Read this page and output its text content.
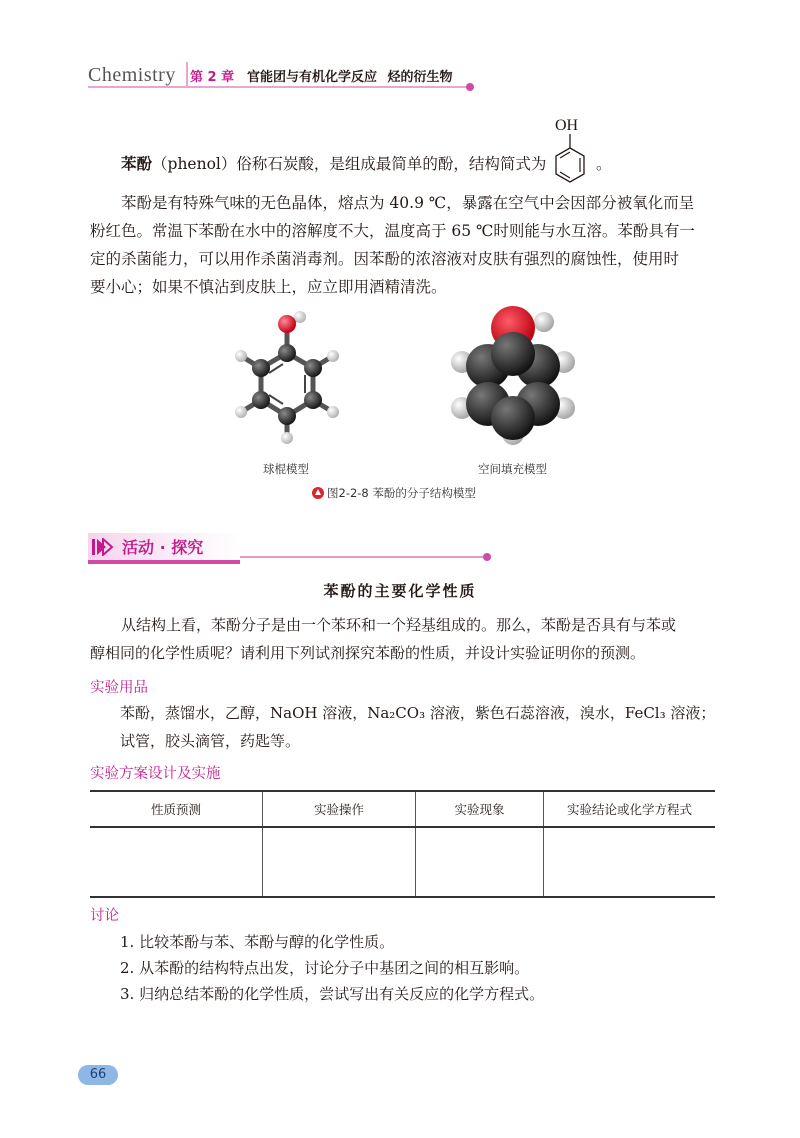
Chemistry 第 2 章 官能团与有机化学反应 烃的衍生物
OH
苯酚（phenol）俗称石炭酸，是组成最简单的酚，结构简式为	。
苯酚是有特殊气味的无色晶体，熔点为 40.9 ℃，暴露在空气中会因部分被氧化而呈
粉红色。常温下苯酚在水中的溶解度不大，温度高于 65 ℃时则能与水互溶。苯酚具有一
定的杀菌能力，可以用作杀菌消毒剂。因苯酚的浓溶液对皮肤有强烈的腐蚀性，使用时
要小心；如果不慎沾到皮肤上，应立即用酒精清洗。
球棍模型	空间填充模型
图2-2-8 苯酚的分子结构模型
活动 · 探究
苯酚的主要化学性质
从结构上看，苯酚分子是由一个苯环和一个羟基组成的。那么，苯酚是否具有与苯或
醇相同的化学性质呢？请利用下列试剂探究苯酚的性质，并设计实验证明你的预测。
实验用品
苯酚，蒸馏水，乙醇，NaOH 溶液，Na₂CO₃ 溶液，紫色石蕊溶液，溴水，FeCl₃ 溶液；
试管，胶头滴管，药匙等。
实验方案设计及实施
性质预测	实验操作	实验现象	实验结论或化学方程式

讨论
1. 比较苯酚与苯、苯酚与醇的化学性质。
2. 从苯酚的结构特点出发，讨论分子中基团之间的相互影响。
3. 归纳总结苯酚的化学性质，尝试写出有关反应的化学方程式。
66
